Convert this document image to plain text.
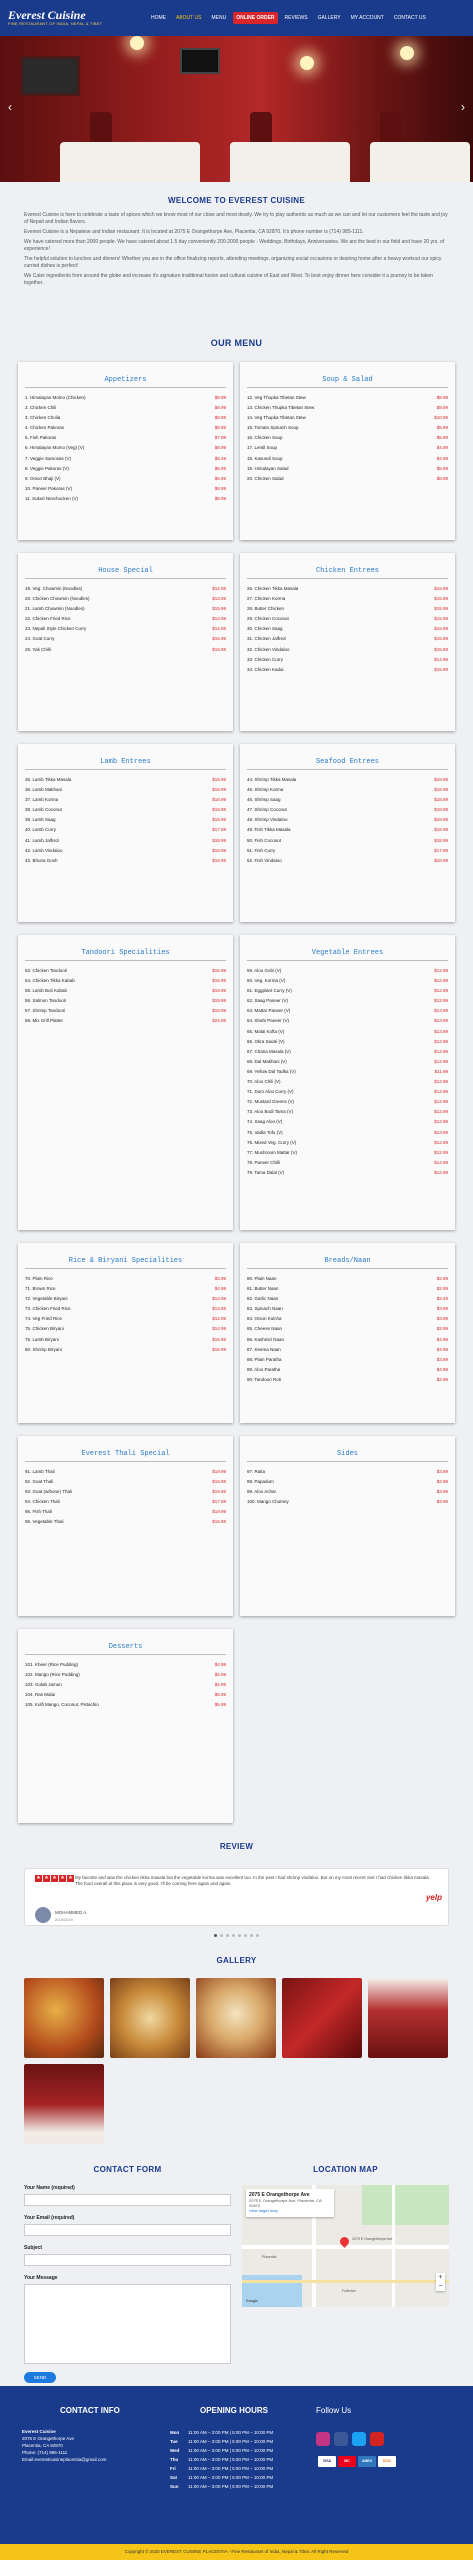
Everest Cuisine
FINE RESTAURANT OF INDIA, NEPAL & TIBET
HOME	ABOUT US	MENU	ONLINE ORDER	REVIEWS	GALLERY	MY ACCOUNT	CONTACT US
‹	›
WELCOME TO EVEREST CUISINE

Everest Cuisine is here to celebrate a taste of spices which we know most of our close and most dearly. We try to play authentic as much as we can and let our customers feel the taste and joy of Nepali and Indian flavors.

Everest Cuisine is a Nepalese and Indian restaurant. It is located at 2075 E Orangethorpe Ave, Placentia, CA 92870. It's phone number is (714) 985-1111.

We have catered more than 2000 people. We have catered about 1.5 day conveniently 200-2000 people - Weddings, Birthdays, Anniversaries. We are the best in our field and have 20 yrs. of experience!

The helpful solution to lunches and dinners! Whether you are in the office finalizing reports, attending meetings, organizing social occasions or desiring home after a heavy workout our spicy curried dishes is perfect!

We Cater ingredients from around the globe and increase it's signature traditional fusion and cultural cuisine of East and West. To best enjoy dinner here consider it a journey to be taken together.

OUR MENU
Appetizers
1. Himalayan Momo (Chicken)	$9.99
2. Chicken Chili	$9.99
3. Chicken Choila	$9.99
4. Chicken Pakoras	$8.99
5. Fish Pakoras	$7.99
6. Himalayan Momo (Veg) (V)	$8.99
7. Veggie Samosas (V)	$5.49
8. Veggie Pakoras (V)	$6.99
9. Onion Bhaji (V)	$6.99
10. Paneer Pakoras (V)	$8.99
11. Sukuti Nevchucken (V)	$8.99
Soup & Salad
12. Veg Thupka Tibetan Stew	$8.99
13. Chicken Thupka Tibetan Stew	$9.99
14. Veg Thupka Tibetan Stew	$10.99
15. Tomato Spinach Soup	$5.99
16. Chicken Soup	$5.99
17. Lentil Soup	$4.99
18. Kasundi Soup	$4.99
19. Himalayan Salad	$5.99
20. Chicken Salad	$8.99
House Special
19. Veg. Chowmin (Noodles)	$12.99
20. Chicken Chowmin (Noodles)	$13.99
21. Lamb Chowmin (Noodles)	$15.99
22. Chicken Fried Rice	$13.99
23. Nepali Style Chicken Curry	$14.99
24. Goat Curry	$16.99
25. Yak Chilli	$19.99
Chicken Entrees
26. Chicken Tikka Masala	$15.99
27. Chicken Korma	$15.99
28. Butter Chicken	$15.99
29. Chicken Coconut	$15.99
30. Chicken Saag	$15.99
31. Chicken Jalfrezi	$15.99
32. Chicken Vindaloo	$15.99
33. Chicken Curry	$14.99
34. Chicken Kadai	$15.99
Lamb Entrees
35. Lamb Tikka Masala	$18.99
36. Lamb Makhani	$18.99
37. Lamb Korma	$18.99
38. Lamb Coconut	$18.99
39. Lamb Saag	$18.99
40. Lamb Curry	$17.99
41. Lamb Jalfrezi	$18.99
42. Lamb Vindaloo	$18.99
43. Bhuna Gosh	$18.99
Seafood Entrees
44. Shrimp Tikka Masala	$18.99
45. Shrimp Korma	$18.99
46. Shrimp Saag	$18.99
47. Shrimp Coconut	$18.99
48. Shrimp Vindaloo	$18.99
49. Fish Tikka Masala	$18.99
50. Fish Coconut	$18.99
51. Fish Curry	$17.99
52. Fish Vindaloo	$18.99
Tandoori Specialities
53. Chicken Tandoori	$16.99
54. Chicken Tikka Kabab	$16.99
55. Lamb Boti Kabab	$19.99
56. Salmon Tandoori	$19.99
57. Shrimp Tandoori	$19.99
58. Mix Grill Platter	$24.99
Vegetable Entrees
59. Aloo Gobi (V)	$12.99
60. Veg. Korma (V)	$12.99
61. Eggplant Curry (V)	$12.99
62. Saag Paneer (V)	$13.99
63. Mattar Paneer (V)	$13.99
64. Shahi Paneer (V)	$13.99
65. Malai Kofta (V)	$13.99
66. Okra Sauté (V)	$12.99
67. Chana Masala (V)	$12.99
68. Dal Makhani (V)	$12.99
69. Yellow Dal Tadka (V)	$11.99
70. Aloo Chili (V)	$12.99
71. Dum Aloo Curry (V)	$12.99
72. Mustard Greens (V)	$12.99
73. Aloo Bodi Tama (V)	$12.99
74. Saag Aloo (V)	$12.99
75. Vadla Tofu (V)	$13.99
76. Mixed Veg. Curry (V)	$12.99
77. Mushroom Mattar (V)	$12.99
78. Paneer Chilli	$14.99
79. Tama Dalal (V)	$12.99
Rice & Biryani Specialities
70. Plain Rice	$3.99
71. Brown Rice	$4.99
72. Vegetable Biryani	$13.99
73. Chicken Fried Rice	$13.99
74. Veg Fried Rice	$12.99
75. Chicken Biryani	$14.99
76. Lamb Biryani	$16.99
80. Shrimp Biryani	$16.99
Breads/Naan
80. Plain Naan	$2.99
81. Butter Naan	$2.99
82. Garlic Naan	$3.49
83. Spinach Naan	$3.99
84. Onion Kulcha	$3.99
85. Cheese Naan	$3.99
86. Kashmiri Naan	$4.99
87. Keema Naan	$4.99
88. Plain Paratha	$3.99
89. Aloo Paratha	$4.99
90. Tandoori Roti	$2.99
Everest Thali Special
91. Lamb Thali	$19.99
92. Goat Thali	$19.99
93. Goat (w/bone) Thali	$19.99
94. Chicken Thali	$17.99
95. Fish Thali	$19.99
96. Vegetable Thali	$15.99
Sides
97. Raita	$3.99
98. Papadum	$2.99
99. Aloo Achar	$3.99
100. Mango Chutney	$3.99
Desserts
101. Kheer (Rice Pudding)	$4.99
102. Mango (Rice Pudding)	$4.99
103. Gulab Jamun	$4.99
104. Ras Malai	$5.99
105. Kulfi Mango, Coconut, Pistachio	$5.99
REVIEW
★ ★ ★ ★ ★ My favorite and was the chicken tikka masala but the vegetable korma was excellent too. In the past I had shrimp vindaloo. But on my most recent visit I had chicken tikka masala. The food overall at this place is very good. I'll be coming here again and again.
yelp
MOHAMMED A.
2/18/2019
GALLERY
CONTACT FORM
Your Name (required)
Your Email (required)
Subject
Your Message
SEND
LOCATION MAP
2075 E Orangethorpe Ave
2075 E Orangethorpe Ave, Placentia, CA 92870
View larger map
2075 E Orangethorpe Ave
Placentia
Fullerton
Google
+
−
CONTACT INFO
Everest Cuisine
2075 E Orangethorpe Ave
Placentia, CA 92870
Phone: (714) 985-1111
Email:everestcuisineplacentia@gmail.com
OPENING HOURS
Mon 11:00 AM – 3:00 PM | 5:00 PM – 10:00 PM
Tue 11:00 AM – 3:00 PM | 5:00 PM – 10:00 PM
Wed 11:00 AM – 3:00 PM | 5:00 PM – 10:00 PM
Thu 11:00 AM – 3:00 PM | 5:00 PM – 10:00 PM
Fri	11:00 AM – 3:00 PM | 5:00 PM – 10:00 PM
Sat 11:00 AM – 3:00 PM | 5:00 PM – 10:00 PM
Sun 11:00 AM – 3:00 PM | 5:00 PM – 10:00 PM
Follow Us
VISA	MC	AMEX	DISC
Copyright © 2020 EVEREST CUISINE PLACENTIA - Fine Restaurant of India, Nepal & Tibet. All Right Reserved
